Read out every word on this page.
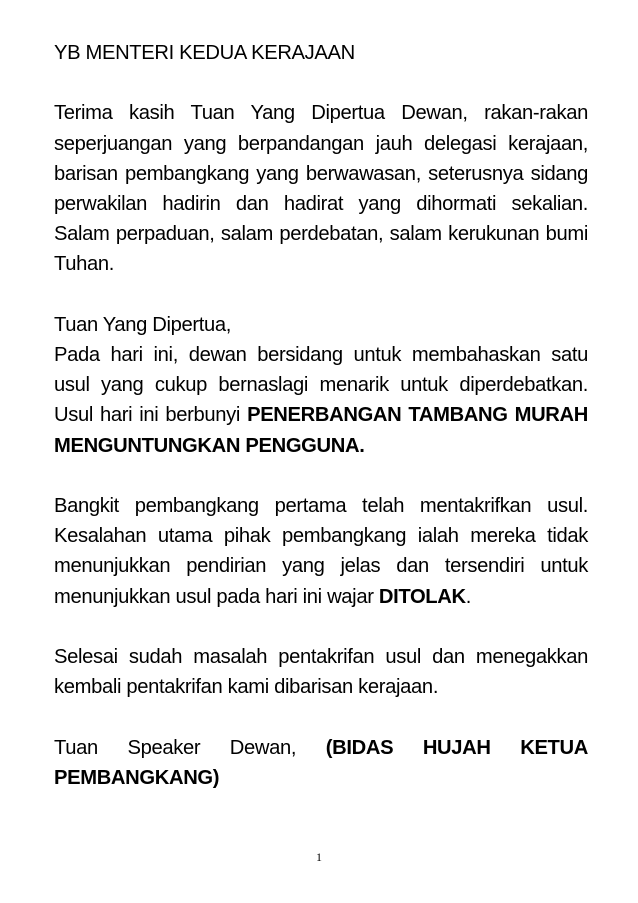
YB MENTERI KEDUA KERAJAAN

Terima kasih Tuan Yang Dipertua Dewan, rakan-rakan seperjuangan yang berpandangan jauh delegasi kerajaan, barisan pembangkang yang berwawasan, seterusnya sidang perwakilan hadirin dan hadirat yang dihormati sekalian. Salam perpaduan, salam perdebatan, salam kerukunan bumi Tuhan.

Tuan Yang Dipertua,
Pada hari ini, dewan bersidang untuk membahaskan satu usul yang cukup bernaslagi menarik untuk diperdebatkan. Usul hari ini berbunyi PENERBANGAN TAMBANG MURAH MENGUNTUNGKAN PENGGUNA.

Bangkit pembangkang pertama telah mentakrifkan usul. Kesalahan utama pihak pembangkang ialah mereka tidak menunjukkan pendirian yang jelas dan tersendiri untuk menunjukkan usul pada hari ini wajar DITOLAK.

Selesai sudah masalah pentakrifan usul dan menegakkan kembali pentakrifan kami dibarisan kerajaan.

Tuan Speaker Dewan, (BIDAS HUJAH KETUA PEMBANGKANG)

1
